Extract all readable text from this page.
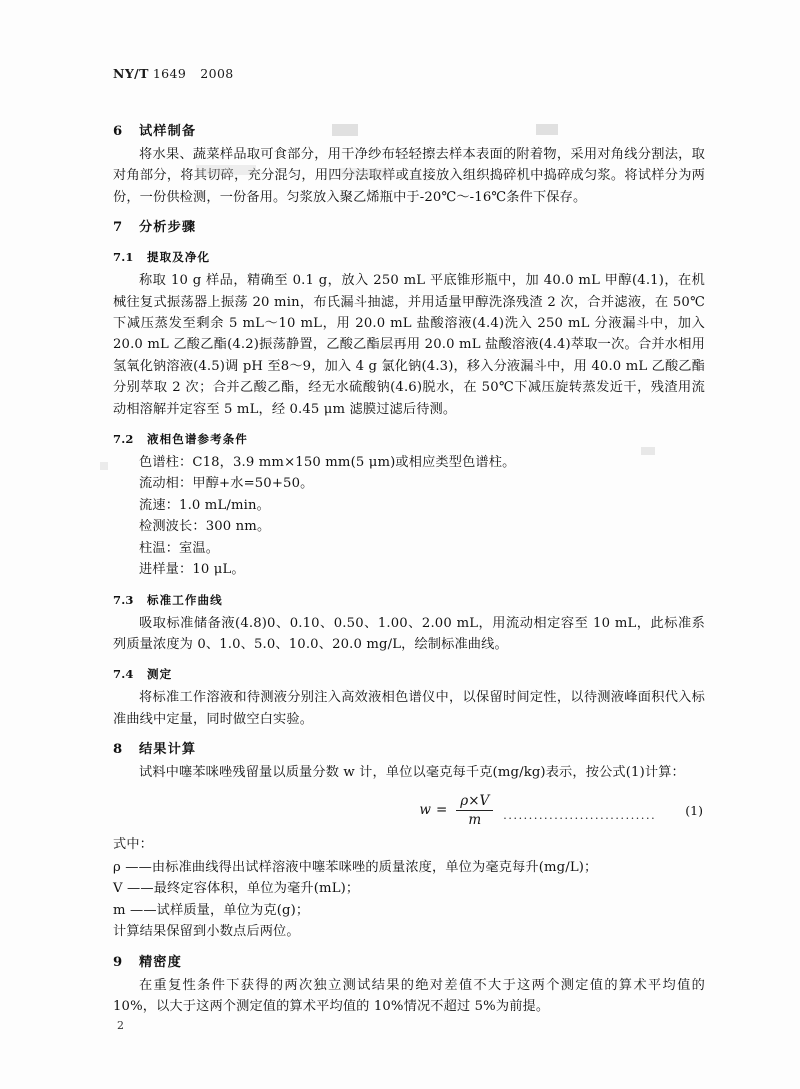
NY/T 1649 2008
6 试样制备

将水果、蔬菜样品取可食部分，用干净纱布轻轻擦去样本表面的附着物，采用对角线分割法，取对角部分，将其切碎，充分混匀，用四分法取样或直接放入组织捣碎机中捣碎成匀浆。将试样分为两份，一份供检测，一份备用。匀浆放入聚乙烯瓶中于-20℃～-16℃条件下保存。

7 分析步骤
7.1 提取及净化

称取 10 g 样品，精确至 0.1 g，放入 250 mL 平底锥形瓶中，加 40.0 mL 甲醇(4.1)，在机械往复式振荡器上振荡 20 min，布氏漏斗抽滤，并用适量甲醇洗涤残渣 2 次，合并滤液，在 50℃下减压蒸发至剩余 5 mL～10 mL，用 20.0 mL 盐酸溶液(4.4)洗入 250 mL 分液漏斗中，加入 20.0 mL 乙酸乙酯(4.2)振荡静置，乙酸乙酯层再用 20.0 mL 盐酸溶液(4.4)萃取一次。合并水相用氢氧化钠溶液(4.5)调 pH 至8～9，加入 4 g 氯化钠(4.3)，移入分液漏斗中，用 40.0 mL 乙酸乙酯分别萃取 2 次；合并乙酸乙酯，经无水硫酸钠(4.6)脱水，在 50℃下减压旋转蒸发近干，残渣用流动相溶解并定容至 5 mL，经 0.45 μm 滤膜过滤后待测。

7.2 液相色谱参考条件

色谱柱：C18，3.9 mm×150 mm(5 μm)或相应类型色谱柱。

流动相：甲醇+水=50+50。

流速：1.0 mL/min。

检测波长：300 nm。

柱温：室温。

进样量：10 μL。

7.3 标准工作曲线

吸取标准储备液(4.8)0、0.10、0.50、1.00、2.00 mL，用流动相定容至 10 mL，此标准系列质量浓度为 0、1.0、5.0、10.0、20.0 mg/L，绘制标准曲线。

7.4 测定

将标准工作溶液和待测液分别注入高效液相色谱仪中，以保留时间定性，以待测液峰面积代入标准曲线中定量，同时做空白实验。

8 结果计算

试料中噻苯咪唑残留量以质量分数 w 计，单位以毫克每千克(mg/kg)表示，按公式(1)计算：

$w = \frac{\rho\times V}{m}$ ······························
(1)

式中：

ρ ——由标准曲线得出试样溶液中噻苯咪唑的质量浓度，单位为毫克每升(mg/L)；

V ——最终定容体积，单位为毫升(mL)；

m ——试样质量，单位为克(g)；

计算结果保留到小数点后两位。

9 精密度

在重复性条件下获得的两次独立测试结果的绝对差值不大于这两个测定值的算术平均值的 10%，以大于这两个测定值的算术平均值的 10%情况不超过 5%为前提。

2
